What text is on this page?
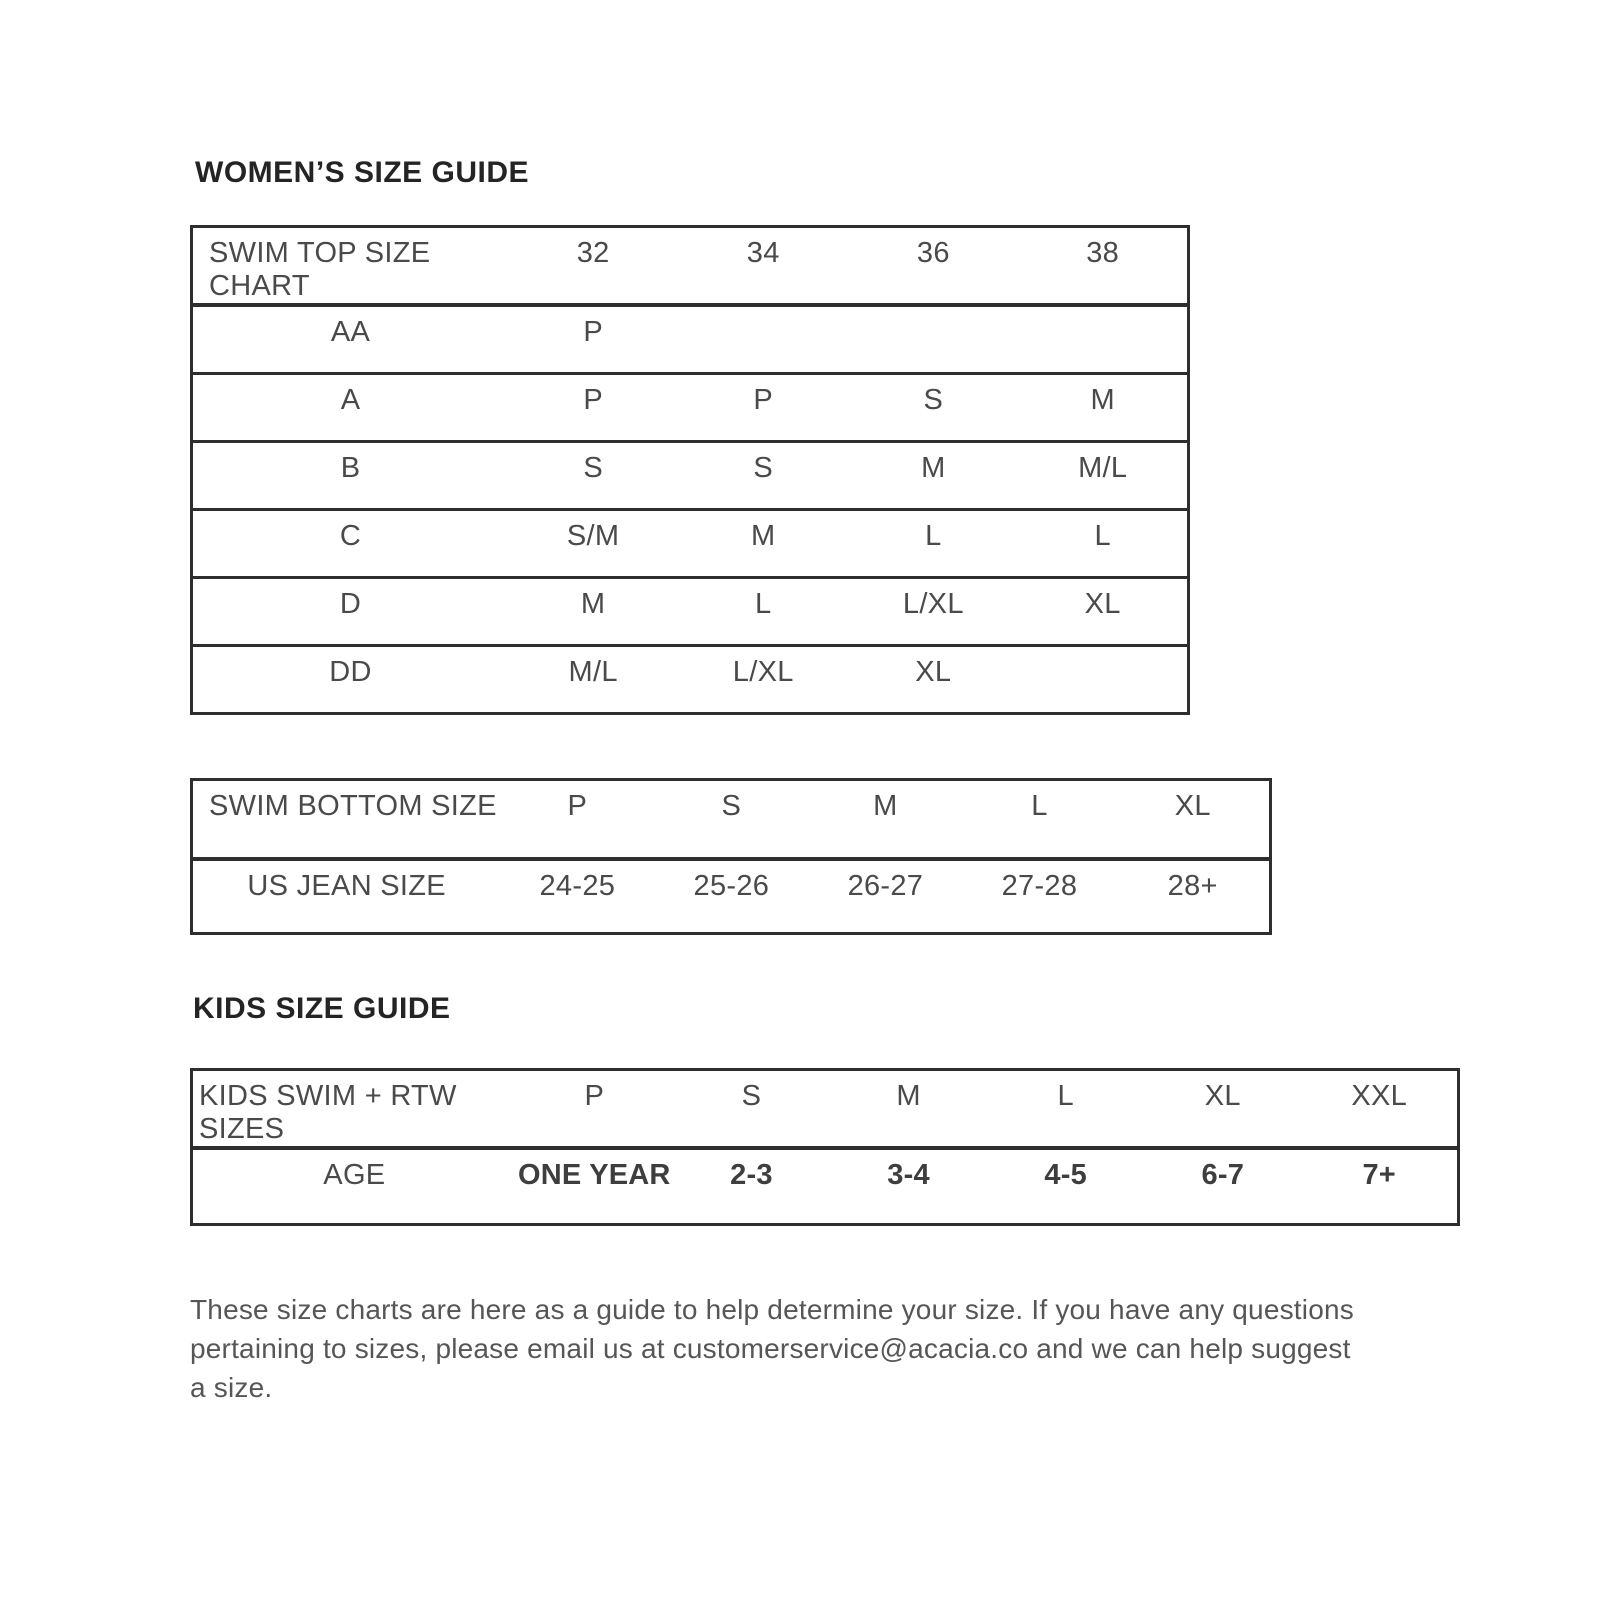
WOMEN’S SIZE GUIDE
SWIM TOP SIZE CHART	32	34	36	38
AA	P			
A	P	P	S	M
B	S	S	M	M/L
C	S/M	M	L	L
D	M	L	L/XL	XL
DD	M/L	L/XL	XL	
SWIM BOTTOM SIZE	P	S	M	L	XL
US JEAN SIZE	24-25	25-26	26-27	27-28	28+
KIDS SIZE GUIDE
KIDS SWIM + RTW SIZES	P	S	M	L	XL	XXL
AGE	ONE YEAR	2-3	3-4	4-5	6-7	7+
These size charts are here as a guide to help determine your size. If you have any questions
pertaining to sizes, please email us at customerservice@acacia.co and we can help suggest
a size.
